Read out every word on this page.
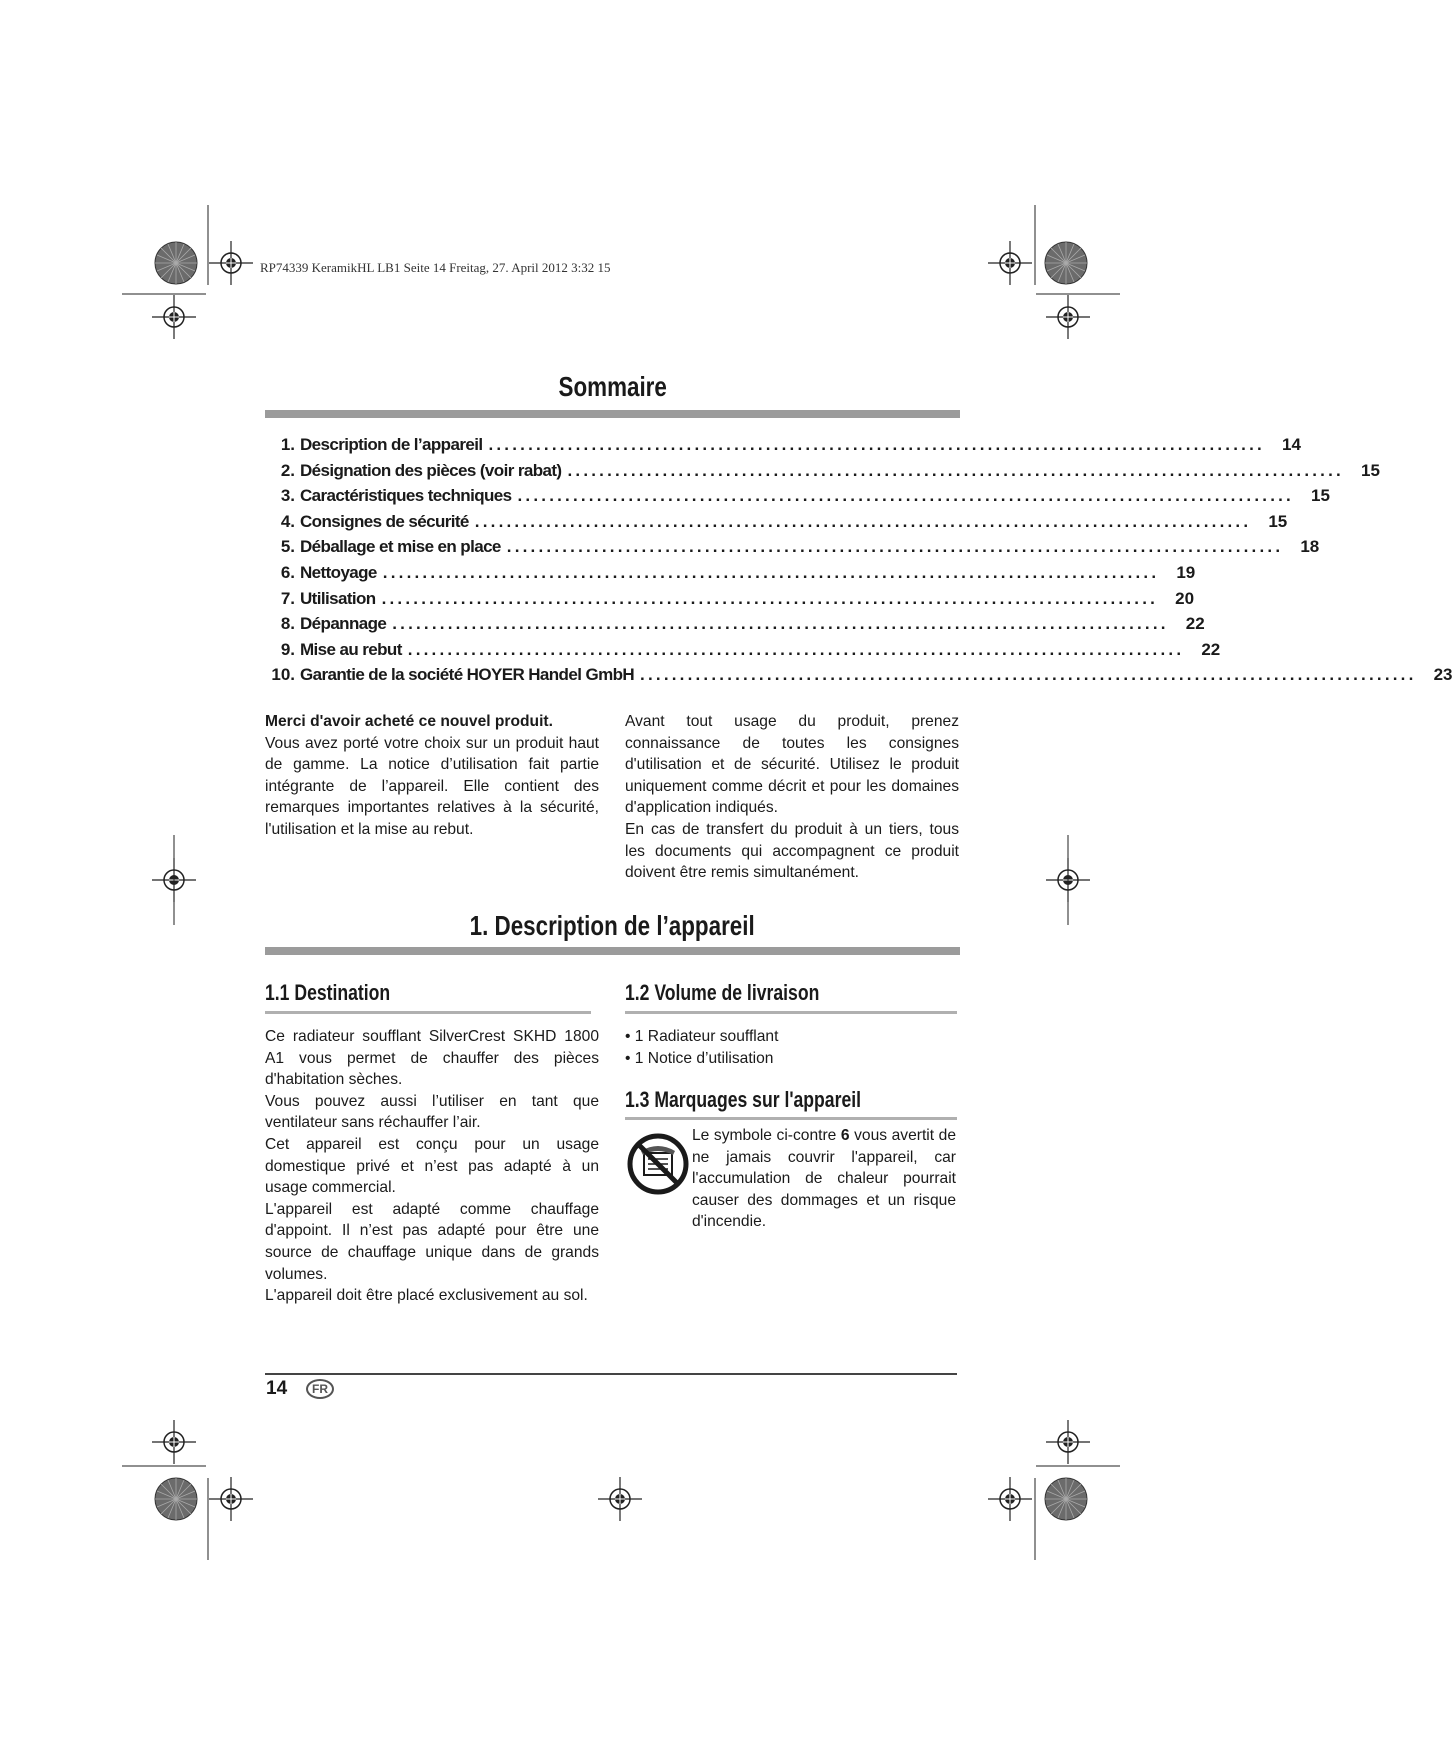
RP74339 KeramikHL LB1 Seite 14 Freitag, 27. April 2012 3:32 15
Sommaire
1. Description de l’appareil ..................................................................................................	14
2. Désignation des pièces (voir rabat) ..................................................................................................	15
3. Caractéristiques techniques ..................................................................................................	15
4. Consignes de sécurité ..................................................................................................	15
5. Déballage et mise en place ..................................................................................................	18
6. Nettoyage ..................................................................................................	19
7. Utilisation ..................................................................................................	20
8. Dépannage ..................................................................................................	22
9. Mise au rebut ..................................................................................................	22
10. Garantie de la société HOYER Handel GmbH ..................................................................................................	23

Merci d'avoir acheté ce nouvel produit.

Vous avez porté votre choix sur un produit haut de gamme. La notice d’utilisation fait partie intégrante de l’appareil. Elle contient des remarques importantes relatives à la sécurité, l'utilisation et la mise au rebut.

Avant tout usage du produit, prenez connaissance de toutes les consignes d'utilisation et de sécurité. Utilisez le produit uniquement comme décrit et pour les domaines d'application indiqués.

En cas de transfert du produit à un tiers, tous les documents qui accompagnent ce produit doivent être remis simultanément.

1. Description de l’appareil
1.1 Destination

Ce radiateur soufflant SilverCrest SKHD 1800 A1 vous permet de chauffer des pièces d'habitation sèches.

Vous pouvez aussi l’utiliser en tant que ventilateur sans réchauffer l’air.

Cet appareil est conçu pour un usage domestique privé et n’est pas adapté à un usage commercial.

L'appareil est adapté comme chauffage d'appoint. Il n’est pas adapté pour être une source de chauffage unique dans de grands volumes.

L'appareil doit être placé exclusivement au sol.

1.2 Volume de livraison
• 1 Radiateur soufflant
• 1 Notice d’utilisation
1.3 Marquages sur l'appareil

Le symbole ci-contre 6 vous avertit de ne jamais couvrir l'appareil, car l'accumulation de chaleur pourrait causer des dommages et un risque d'incendie.

14	FR
